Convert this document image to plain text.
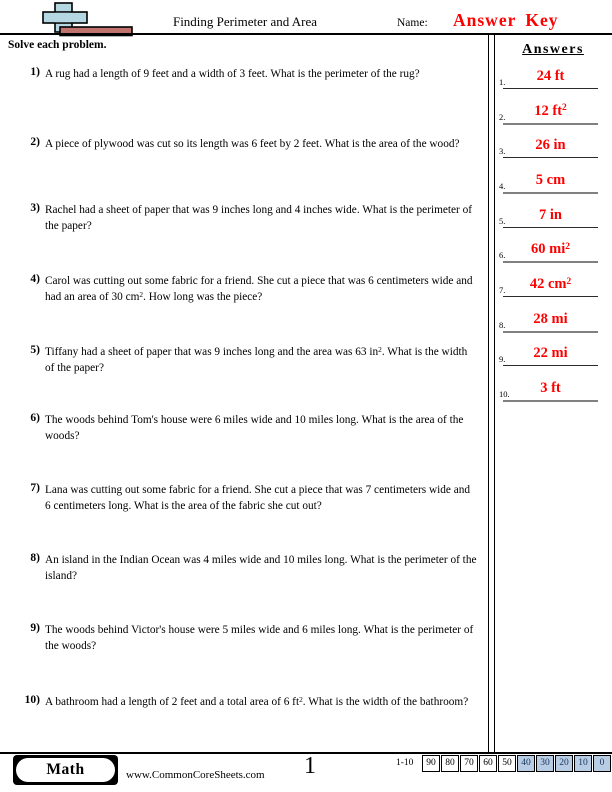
Finding Perimeter and Area	Name: Answer Key
Solve each problem.
1) A rug had a length of 9 feet and a width of 3 feet. What is the perimeter of the rug?
2) A piece of plywood was cut so its length was 6 feet by 2 feet. What is the area of the wood?
3) Rachel had a sheet of paper that was 9 inches long and 4 inches wide. What is the perimeter of the paper?
4) Carol was cutting out some fabric for a friend. She cut a piece that was 6 centimeters wide and had an area of 30 $cm^2$. How long was the piece?
5) Tiffany had a sheet of paper that was 9 inches long and the area was 63 $in^2$. What is the width of the paper?
6) The woods behind Tom's house were 6 miles wide and 10 miles long. What is the area of the woods?
7) Lana was cutting out some fabric for a friend. She cut a piece that was 7 centimeters wide and 6 centimeters long. What is the area of the fabric she cut out?
8) An island in the Indian Ocean was 4 miles wide and 10 miles long. What is the perimeter of the island?
9) The woods behind Victor's house were 5 miles wide and 6 miles long. What is the perimeter of the woods?
10) A bathroom had a length of 2 feet and a total area of 6 $ft^2$. What is the width of the bathroom?
Answers
1.	24 ft
2.	12 $ft^2$
3.	26 in
4.	5 cm
5.	7 in
6.	60 $mi^2$
7.	42 $cm^2$
8.	28 mi
9.	22 mi
10.	3 ft
Math	www.CommonCoreSheets.com	1	1-10	90	80	70	60	50	40	30	20	10	0
